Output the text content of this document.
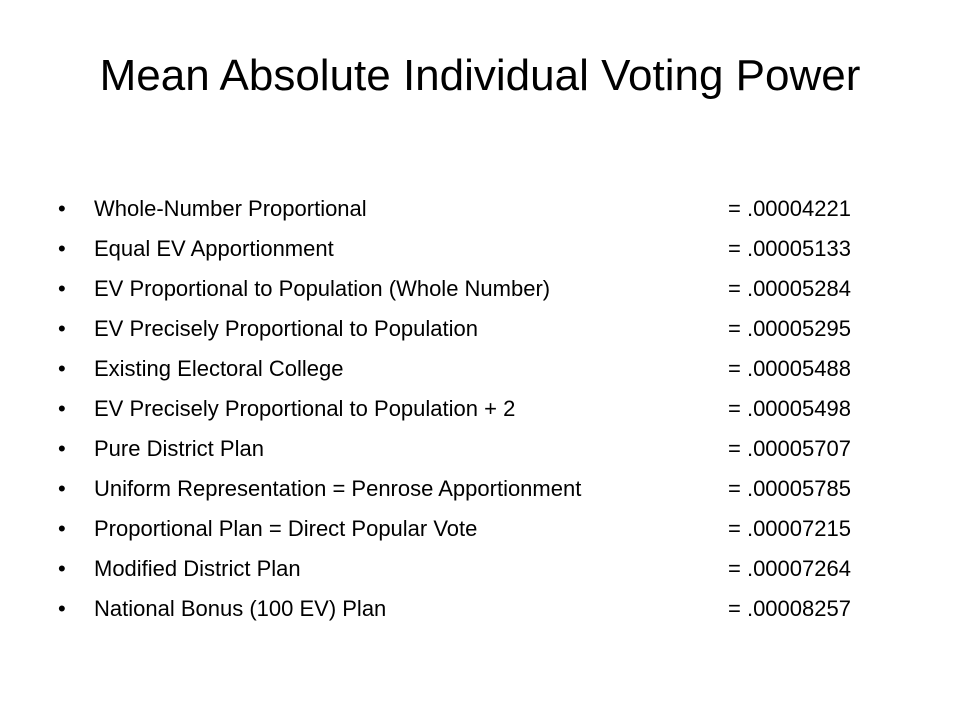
Mean Absolute Individual Voting Power
•	Whole-Number Proportional	= .00004221
•	Equal EV Apportionment	= .00005133
•	EV Proportional to Population (Whole Number)	= .00005284
•	EV Precisely Proportional to Population	= .00005295
•	Existing Electoral College	= .00005488
•	EV Precisely Proportional to Population + 2	= .00005498
•	Pure District Plan	= .00005707
•	Uniform Representation = Penrose Apportionment	= .00005785
•	Proportional Plan = Direct Popular Vote	= .00007215
•	Modified District Plan	= .00007264
•	National Bonus (100 EV) Plan	= .00008257
